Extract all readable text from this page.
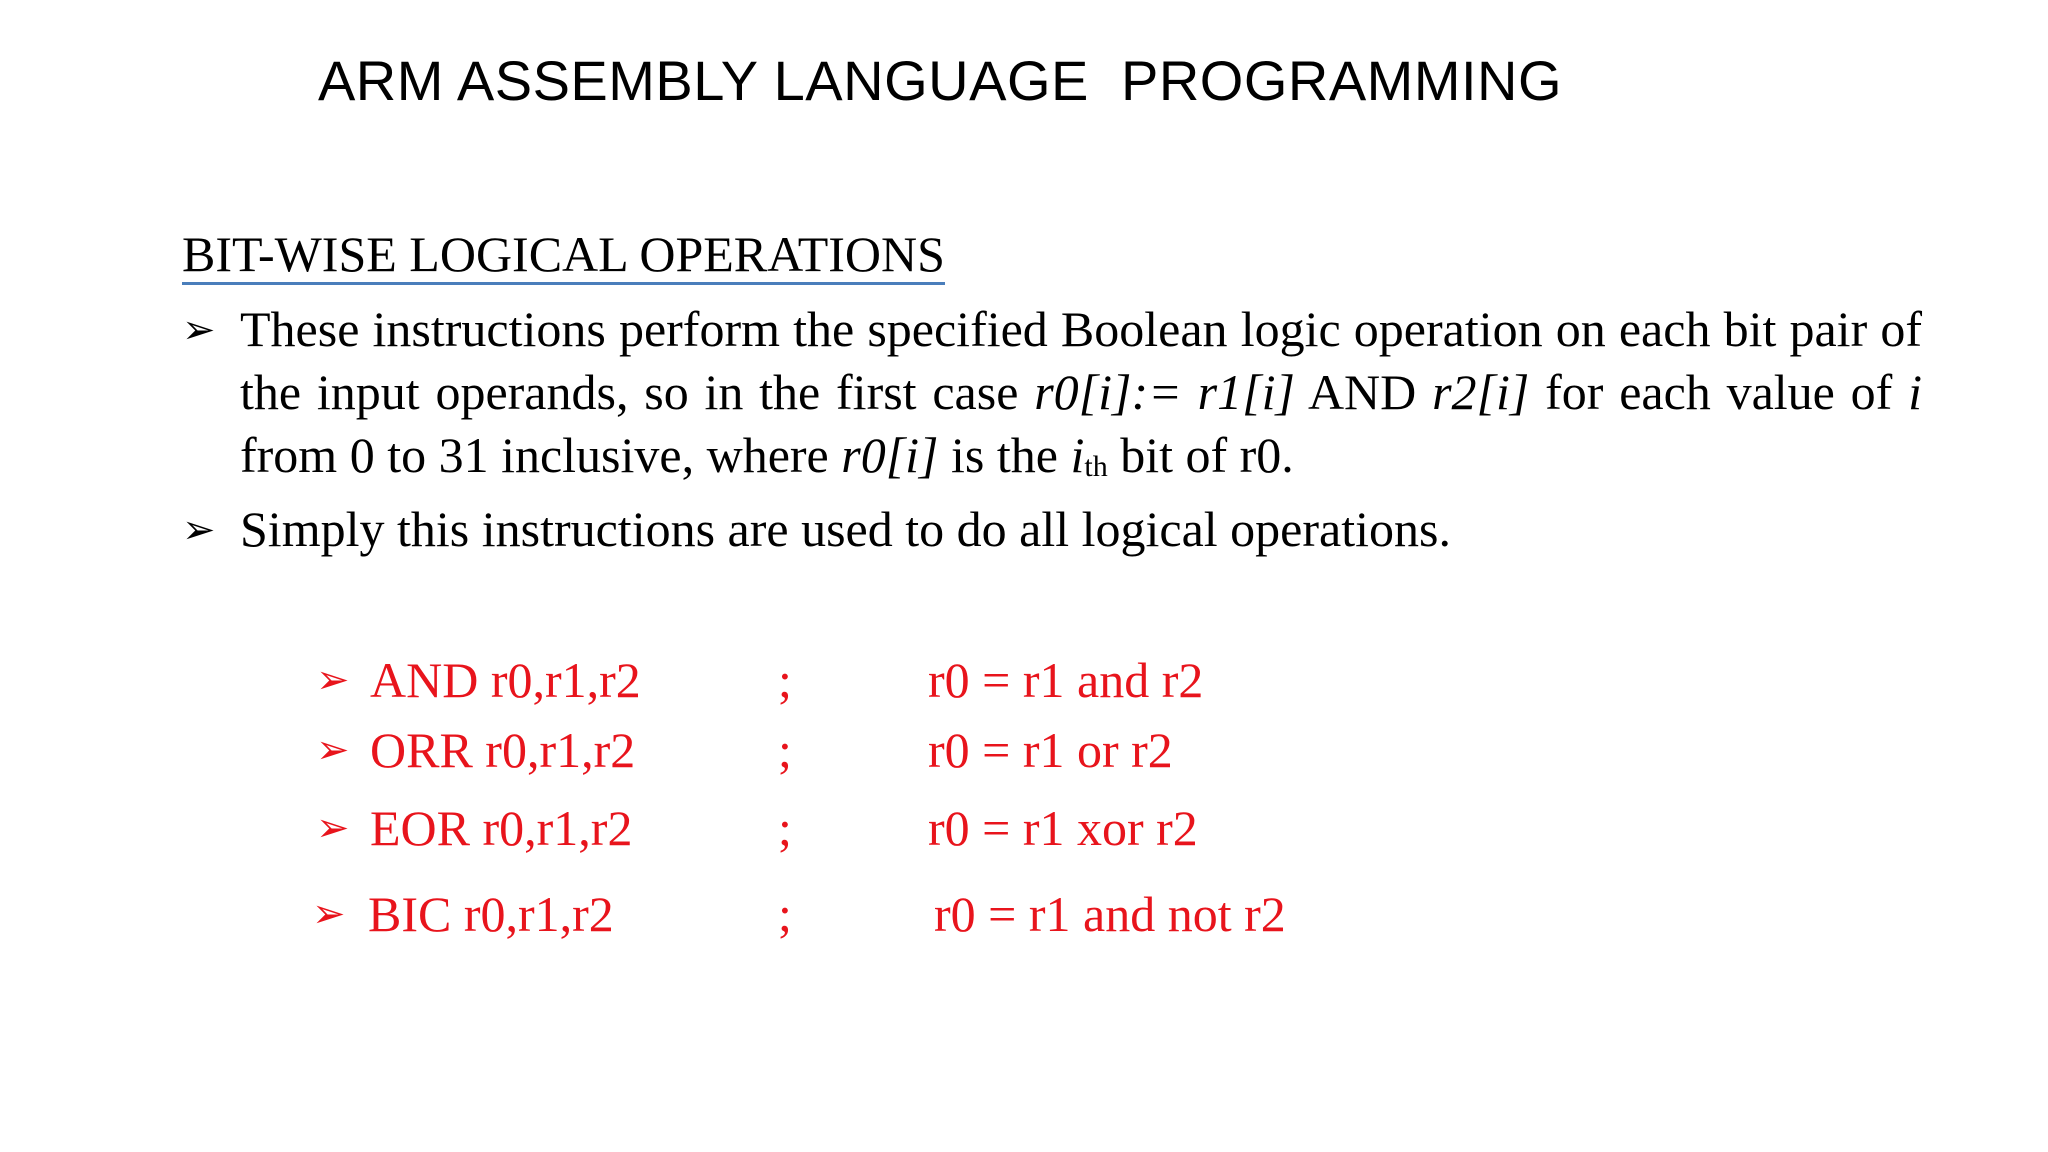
ARM ASSEMBLY LANGUAGE  PROGRAMMING
BIT-WISE LOGICAL OPERATIONS
➢ These instructions perform the specified Boolean logic operation on each bit pair of the input operands, so in the first case r0[i]:= r1[i] AND r2[i] for each value of i from 0 to 31 inclusive, where r0[i] is the ith bit of r0.
➢ Simply this instructions are used to do all logical operations.
➢ AND r0,r1,r2	;	r0 = r1 and r2
➢ ORR r0,r1,r2	;	r0 = r1 or r2
➢ EOR r0,r1,r2	;	r0 = r1 xor r2
➢ BIC r0,r1,r2	;	r0 = r1 and not r2
